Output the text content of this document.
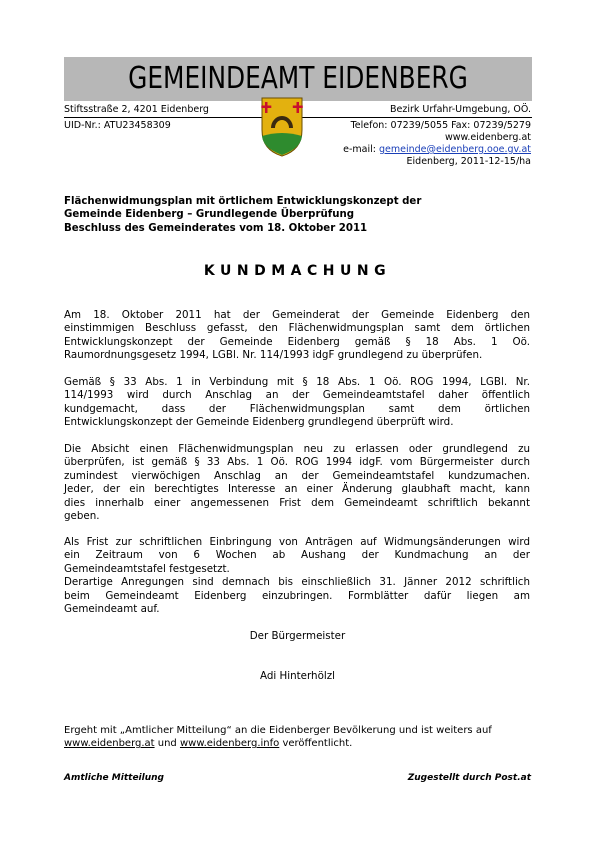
GEMEINDEAMT EIDENBERG
Stiftsstraße 2, 4201 Eidenberg	Bezirk Urfahr-Umgebung, OÖ.
UID-Nr.: ATU23458309	Telefon: 07239/5055 Fax: 07239/5279
www.eidenberg.at
e-mail: gemeinde@eidenberg.ooe.gv.at
Eidenberg, 2011-12-15/ha
Flächenwidmungsplan mit örtlichem Entwicklungskonzept der
Gemeinde Eidenberg – Grundlegende Überprüfung
Beschluss des Gemeinderates vom 18. Oktober 2011
KUNDMACHUNG
Am 18. Oktober 2011 hat der Gemeinderat der Gemeinde Eidenberg den
einstimmigen Beschluss gefasst, den Flächenwidmungsplan samt dem örtlichen
Entwicklungskonzept der Gemeinde Eidenberg gemäß § 18 Abs. 1 Oö.
Raumordnungsgesetz 1994, LGBl. Nr. 114/1993 idgF grundlegend zu überprüfen.
Gemäß § 33 Abs. 1 in Verbindung mit § 18 Abs. 1 Oö. ROG 1994, LGBl. Nr.
114/1993 wird durch Anschlag an der Gemeindeamtstafel daher öffentlich
kundgemacht, dass der Flächenwidmungsplan samt dem örtlichen
Entwicklungskonzept der Gemeinde Eidenberg grundlegend überprüft wird.
Die Absicht einen Flächenwidmungsplan neu zu erlassen oder grundlegend zu
überprüfen, ist gemäß § 33 Abs. 1 Oö. ROG 1994 idgF. vom Bürgermeister durch
zumindest vierwöchigen Anschlag an der Gemeindeamtstafel kundzumachen.
Jeder, der ein berechtigtes Interesse an einer Änderung glaubhaft macht, kann
dies innerhalb einer angemessenen Frist dem Gemeindeamt schriftlich bekannt
geben.
Als Frist zur schriftlichen Einbringung von Anträgen auf Widmungsänderungen wird
ein Zeitraum von 6 Wochen ab Aushang der Kundmachung an der
Gemeindeamtstafel festgesetzt.
Derartige Anregungen sind demnach bis einschließlich 31. Jänner 2012 schriftlich
beim Gemeindeamt Eidenberg einzubringen. Formblätter dafür liegen am
Gemeindeamt auf.
Der Bürgermeister
Adi Hinterhölzl
Ergeht mit „Amtlicher Mitteilung“ an die Eidenberger Bevölkerung und ist weiters auf
www.eidenberg.at und www.eidenberg.info veröffentlicht.
Amtliche Mitteilung	Zugestellt durch Post.at
